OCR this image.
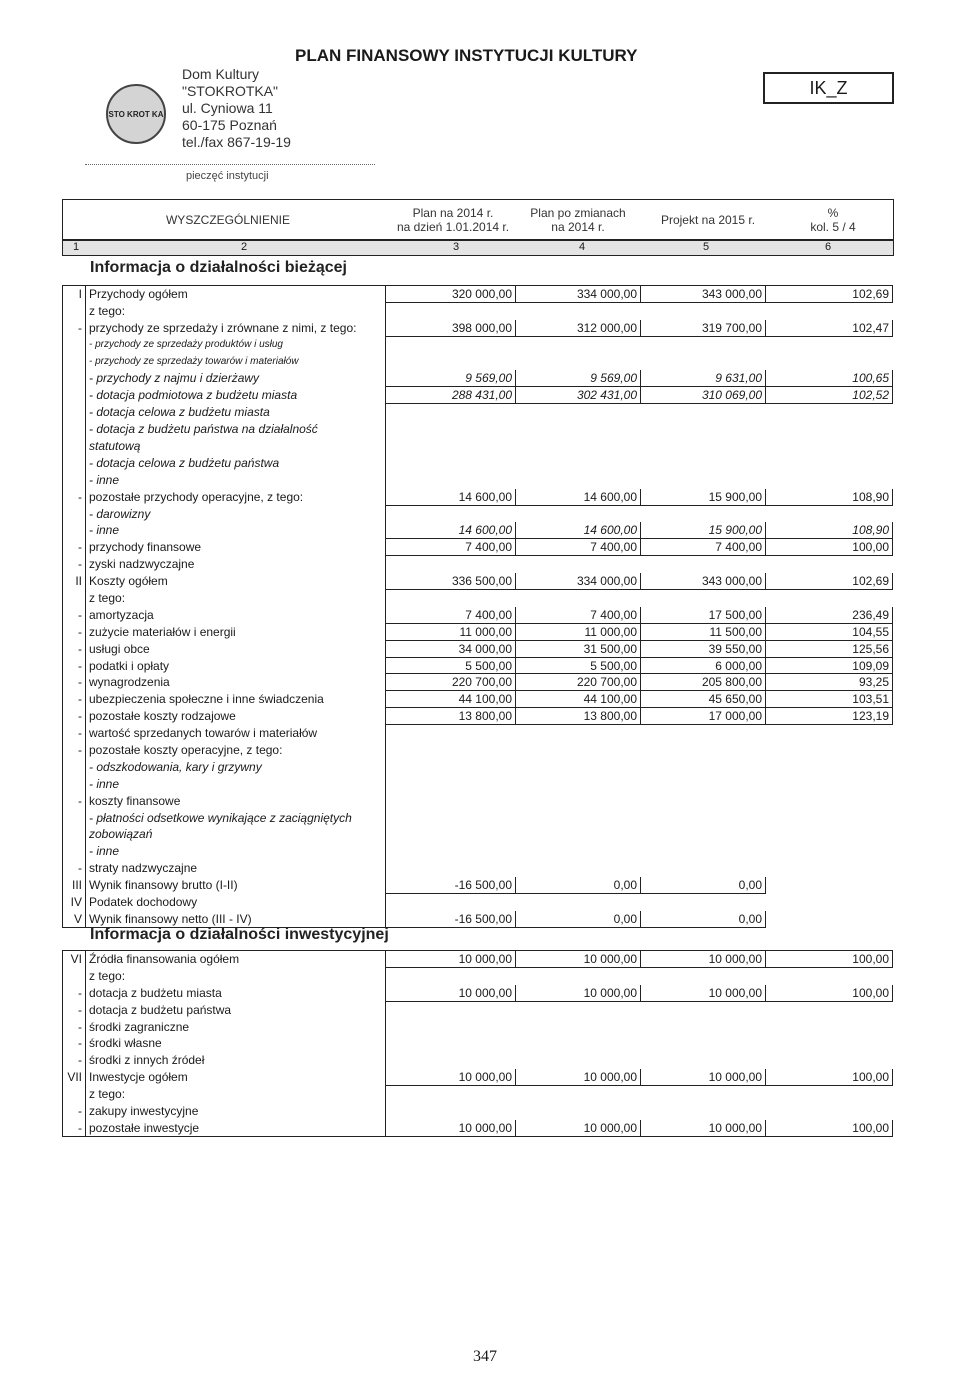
PLAN FINANSOWY INSTYTUCJI KULTURY
STO KROT KA
Dom Kultury
"STOKROTKA"
ul. Cyniowa 11
60-175 Poznań
tel./fax 867-19-19
pieczęć instytucji
IK_Z
WYSZCZEGÓLNIENIE	Plan na 2014 r.
na dzień 1.01.2014 r.
Plan po zmianach
na 2014 r.	Projekt na 2015 r.	%
kol. 5 / 4
1	2	3	4	5	6
Informacja o działalności bieżącej
I	Przychody ogółem	320 000,00	334 000,00	343 000,00	102,69
	z tego:				
-	przychody ze sprzedaży i zrównane z nimi, z tego:	398 000,00	312 000,00	319 700,00	102,47
	- przychody ze sprzedaży produktów i usług				
	- przychody ze sprzedaży towarów i materiałów				
	- przychody z najmu i dzierżawy	9 569,00	9 569,00	9 631,00	100,65
	- dotacja podmiotowa z budżetu miasta	288 431,00	302 431,00	310 069,00	102,52
	- dotacja celowa z budżetu miasta				
	- dotacja z budżetu państwa na działalność				
	statutową				
	- dotacja celowa z budżetu państwa				
	- inne				
-	pozostałe przychody operacyjne, z tego:	14 600,00	14 600,00	15 900,00	108,90
	- darowizny				
	- inne	14 600,00	14 600,00	15 900,00	108,90
-	przychody finansowe	7 400,00	7 400,00	7 400,00	100,00
-	zyski nadzwyczajne				
II	Koszty ogółem	336 500,00	334 000,00	343 000,00	102,69
	z tego:				
-	amortyzacja	7 400,00	7 400,00	17 500,00	236,49
-	zużycie materiałów i energii	11 000,00	11 000,00	11 500,00	104,55
-	usługi obce	34 000,00	31 500,00	39 550,00	125,56
-	podatki i opłaty	5 500,00	5 500,00	6 000,00	109,09
-	wynagrodzenia	220 700,00	220 700,00	205 800,00	93,25
-	ubezpieczenia społeczne i inne świadczenia	44 100,00	44 100,00	45 650,00	103,51
-	pozostałe koszty rodzajowe	13 800,00	13 800,00	17 000,00	123,19
-	wartość sprzedanych towarów i materiałów				
-	pozostałe koszty operacyjne, z tego:				
	- odszkodowania, kary i grzywny				
	- inne				
-	koszty finansowe				
	- płatności odsetkowe wynikające z zaciągniętych				
	zobowiązań				
	- inne				
-	straty nadzwyczajne				
III	Wynik finansowy brutto (I-II)	-16 500,00	0,00	0,00	
IV	Podatek dochodowy				
V	Wynik finansowy netto (III - IV)	-16 500,00	0,00	0,00	
Informacja o działalności inwestycyjnej
VI	Źródła finansowania ogółem	10 000,00	10 000,00	10 000,00	100,00
	z tego:				
-	dotacja z budżetu miasta	10 000,00	10 000,00	10 000,00	100,00
-	dotacja z budżetu państwa				
-	środki zagraniczne				
-	środki własne				
-	środki z innych źródeł				
VII	Inwestycje ogółem	10 000,00	10 000,00	10 000,00	100,00
	z tego:				
-	zakupy inwestycyjne				
-	pozostałe inwestycje	10 000,00	10 000,00	10 000,00	100,00
347
